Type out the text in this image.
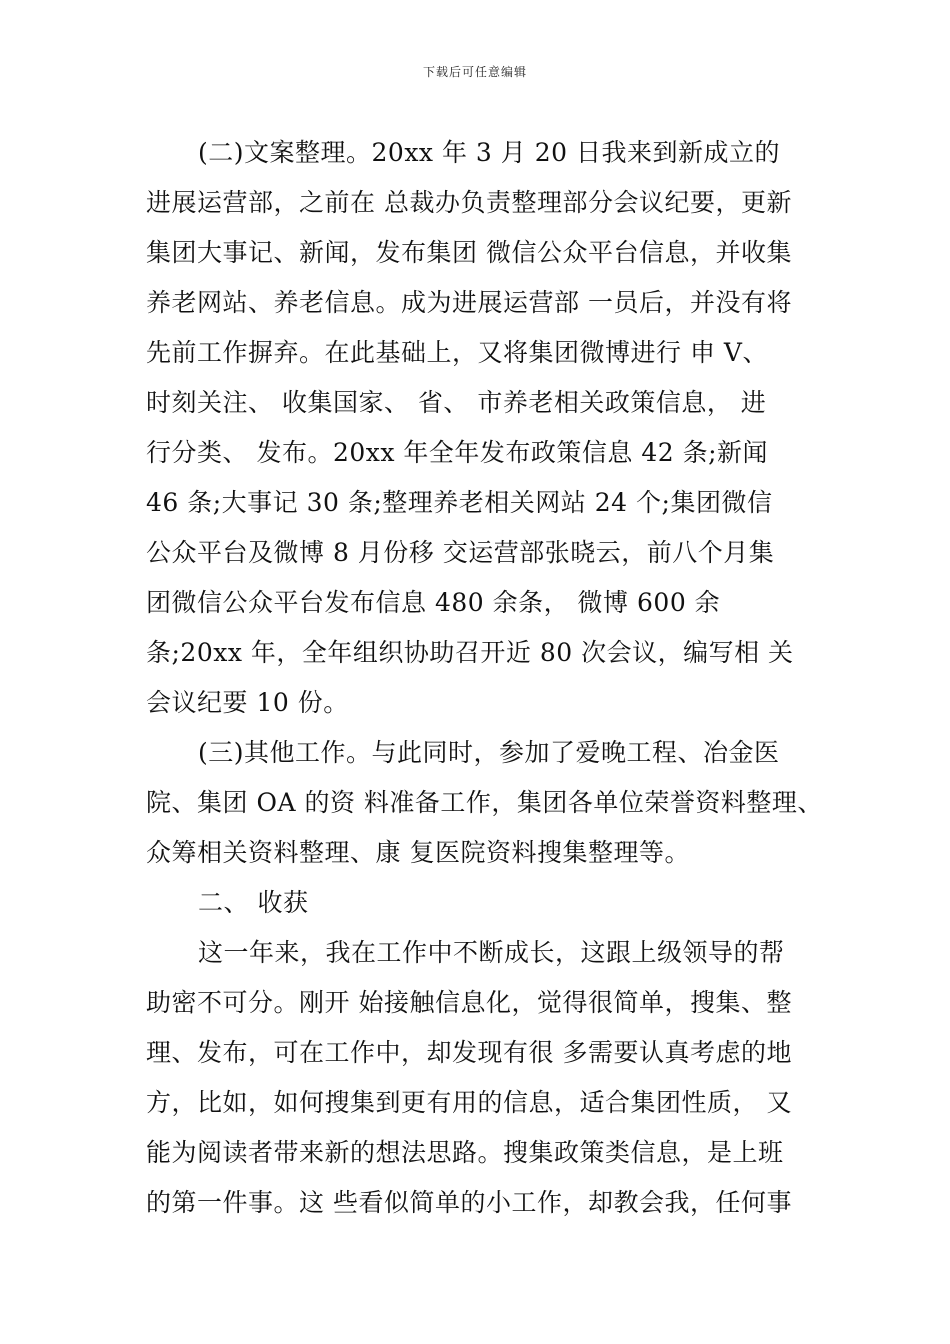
下载后可任意编辑
(二)文案整理。20xx 年 3 月 20 日我来到新成立的
进展运营部，之前在 总裁办负责整理部分会议纪要，更新
集团大事记、新闻，发布集团 微信公众平台信息，并收集
养老网站、养老信息。成为进展运营部 一员后，并没有将
先前工作摒弃。在此基础上，又将集团微博进行 申 V、
时刻关注、 收集国家、 省、 市养老相关政策信息， 进
行分类、 发布。20xx 年全年发布政策信息 42 条;新闻
46 条;大事记 30 条;整理养老相关网站 24 个;集团微信
公众平台及微博 8 月份移 交运营部张晓云，前八个月集
团微信公众平台发布信息 480 余条， 微博 600 余
条;20xx 年，全年组织协助召开近 80 次会议，编写相 关
会议纪要 10 份。
(三)其他工作。与此同时，参加了爱晚工程、冶金医
院、集团 OA 的资 料准备工作，集团各单位荣誉资料整理、
众筹相关资料整理、康 复医院资料搜集整理等。
二、 收获
这一年来，我在工作中不断成长，这跟上级领导的帮
助密不可分。刚开 始接触信息化，觉得很简单，搜集、整
理、发布，可在工作中，却发现有很 多需要认真考虑的地
方，比如，如何搜集到更有用的信息，适合集团性质， 又
能为阅读者带来新的想法思路。搜集政策类信息，是上班
的第一件事。这 些看似简单的小工作，却教会我，任何事
